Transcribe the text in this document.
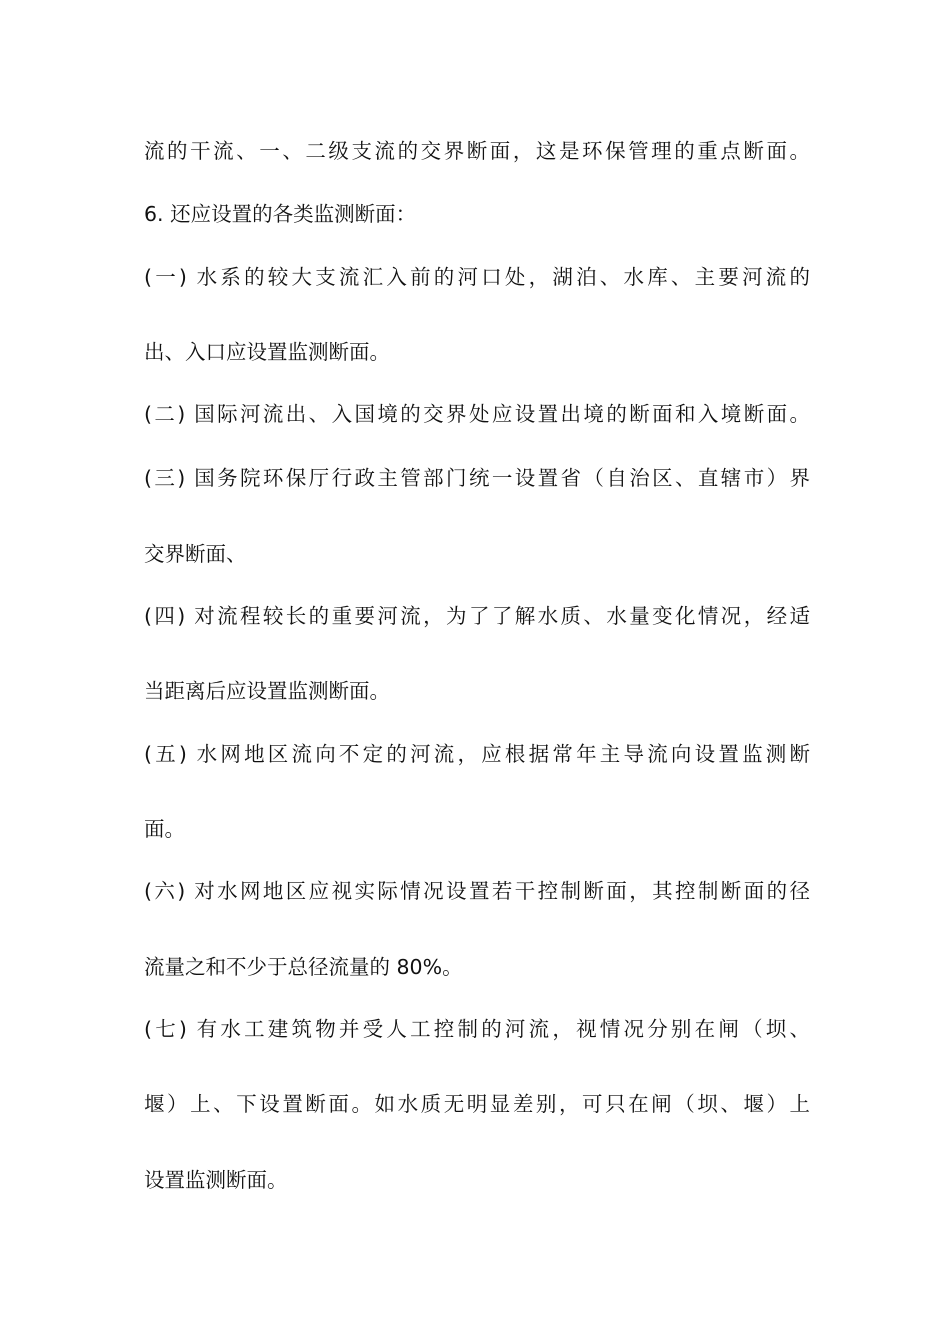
流的干流、一、二级支流的交界断面，这是环保管理的重点断面。
6. 还应设置的各类监测断面：
(一) 水系的较大支流汇入前的河口处，湖泊、水库、主要河流的
出、入口应设置监测断面。
(二) 国际河流出、入国境的交界处应设置出境的断面和入境断面。
(三) 国务院环保厅行政主管部门统一设置省（自治区、直辖市）界
交界断面、
(四) 对流程较长的重要河流，为了了解水质、水量变化情况，经适
当距离后应设置监测断面。
(五) 水网地区流向不定的河流，应根据常年主导流向设置监测断
面。
(六) 对水网地区应视实际情况设置若干控制断面，其控制断面的径
流量之和不少于总径流量的 80%。
(七) 有水工建筑物并受人工控制的河流，视情况分别在闸（坝、
堰）上、下设置断面。如水质无明显差别，可只在闸（坝、堰）上
设置监测断面。
